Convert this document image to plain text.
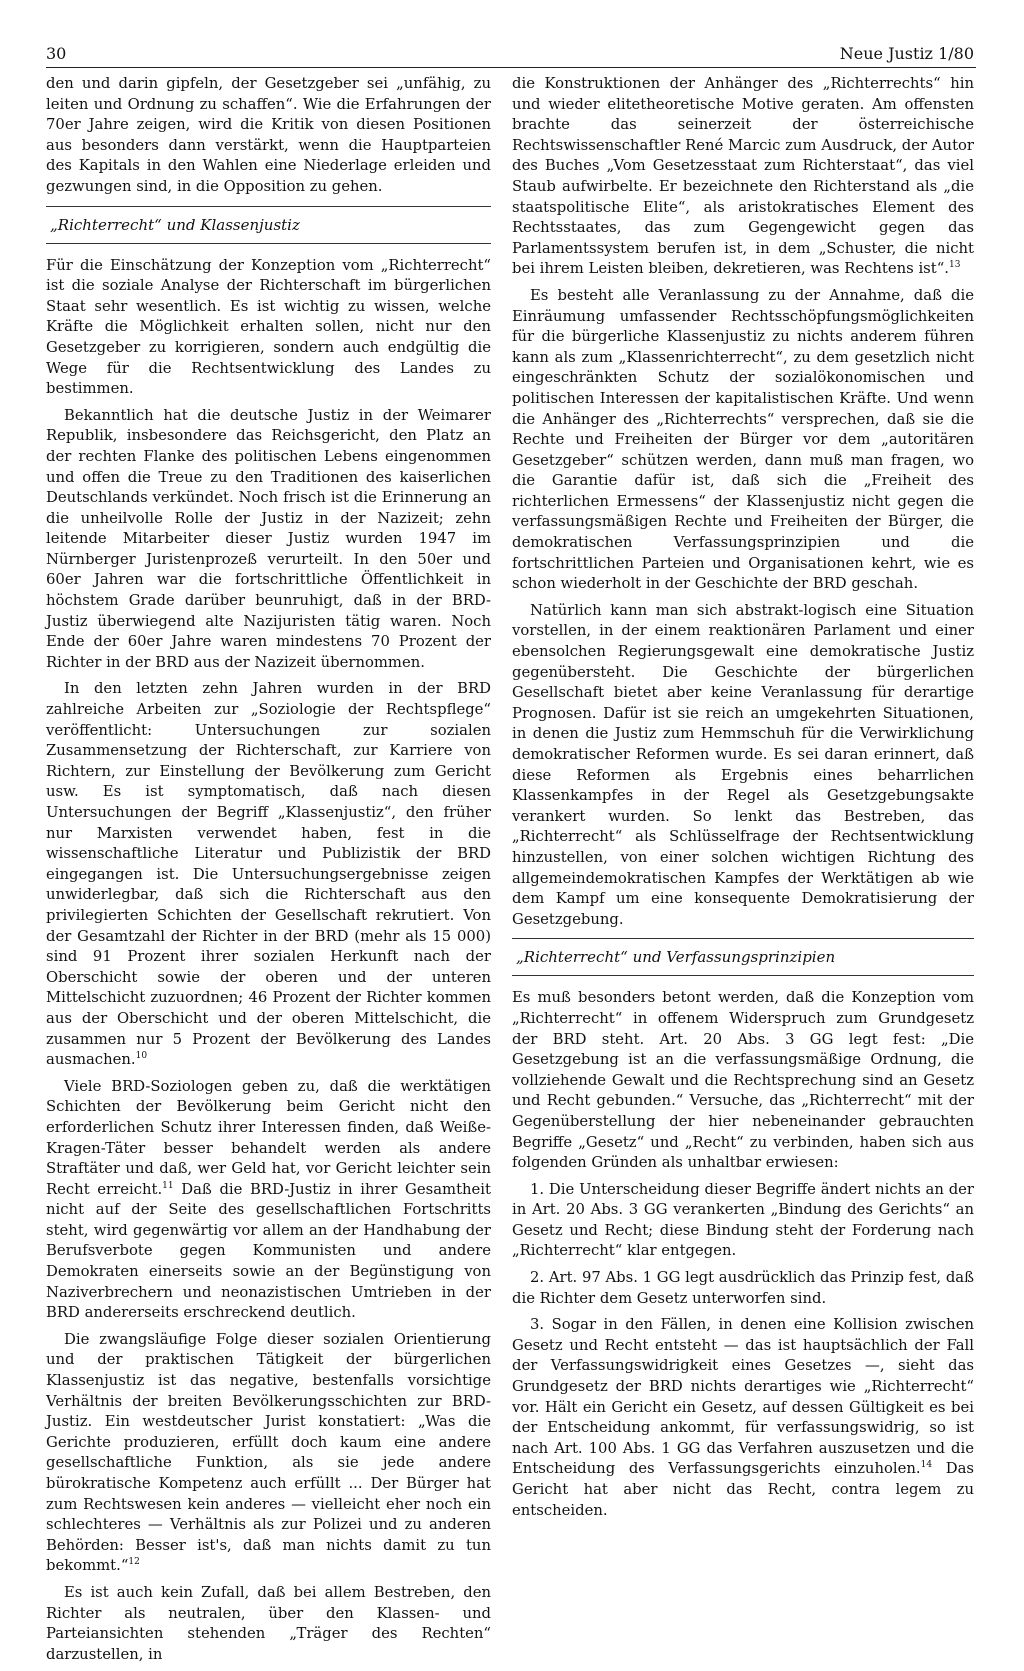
30	Neue Justiz 1/80

den und darin gipfeln, der Gesetzgeber sei „unfähig, zu leiten und Ordnung zu schaffen“. Wie die Erfahrungen der 70er Jahre zeigen, wird die Kritik von diesen Positionen aus besonders dann verstärkt, wenn die Hauptparteien des Kapitals in den Wahlen eine Niederlage erleiden und gezwungen sind, in die Opposition zu gehen.

„Richterrecht“ und Klassenjustiz

Für die Einschätzung der Konzeption vom „Richterrecht“ ist die soziale Analyse der Richterschaft im bürgerlichen Staat sehr wesentlich. Es ist wichtig zu wissen, welche Kräfte die Möglichkeit erhalten sollen, nicht nur den Gesetzgeber zu korrigieren, sondern auch endgültig die Wege für die Rechtsentwicklung des Landes zu bestimmen.

Bekanntlich hat die deutsche Justiz in der Weimarer Republik, insbesondere das Reichsgericht, den Platz an der rechten Flanke des politischen Lebens eingenommen und offen die Treue zu den Traditionen des kaiserlichen Deutschlands verkündet. Noch frisch ist die Erinnerung an die unheilvolle Rolle der Justiz in der Nazizeit; zehn leitende Mitarbeiter dieser Justiz wurden 1947 im Nürnberger Juristenprozeß verurteilt. In den 50er und 60er Jahren war die fortschrittliche Öffentlichkeit in höchstem Grade darüber beunruhigt, daß in der BRD-Justiz überwiegend alte Nazijuristen tätig waren. Noch Ende der 60er Jahre waren mindestens 70 Prozent der Richter in der BRD aus der Nazizeit übernommen.

In den letzten zehn Jahren wurden in der BRD zahlreiche Arbeiten zur „Soziologie der Rechtspflege“ veröffentlicht: Untersuchungen zur sozialen Zusammensetzung der Richterschaft, zur Karriere von Richtern, zur Einstellung der Bevölkerung zum Gericht usw. Es ist symptomatisch, daß nach diesen Untersuchungen der Begriff „Klassenjustiz“, den früher nur Marxisten verwendet haben, fest in die wissenschaftliche Literatur und Publizistik der BRD eingegangen ist. Die Untersuchungsergebnisse zeigen unwiderlegbar, daß sich die Richterschaft aus den privilegierten Schichten der Gesellschaft rekrutiert. Von der Gesamtzahl der Richter in der BRD (mehr als 15 000) sind 91 Prozent ihrer sozialen Herkunft nach der Oberschicht sowie der oberen und der unteren Mittelschicht zuzuordnen; 46 Prozent der Richter kommen aus der Oberschicht und der oberen Mittelschicht, die zusammen nur 5 Prozent der Bevölkerung des Landes ausmachen.$^{10}$

Viele BRD-Soziologen geben zu, daß die werktätigen Schichten der Bevölkerung beim Gericht nicht den erforderlichen Schutz ihrer Interessen finden, daß Weiße-Kragen-Täter besser behandelt werden als andere Straftäter und daß, wer Geld hat, vor Gericht leichter sein Recht erreicht.$^{11}$ Daß die BRD-Justiz in ihrer Gesamtheit nicht auf der Seite des gesellschaftlichen Fortschritts steht, wird gegenwärtig vor allem an der Handhabung der Berufsverbote gegen Kommunisten und andere Demokraten einerseits sowie an der Begünstigung von Naziverbrechern und neonazistischen Umtrieben in der BRD andererseits erschreckend deutlich.

Die zwangsläufige Folge dieser sozialen Orientierung und der praktischen Tätigkeit der bürgerlichen Klassenjustiz ist das negative, bestenfalls vorsichtige Verhältnis der breiten Bevölkerungsschichten zur BRD-Justiz. Ein westdeutscher Jurist konstatiert: „Was die Gerichte produzieren, erfüllt doch kaum eine andere gesellschaftliche Funktion, als sie jede andere bürokratische Kompetenz auch erfüllt ... Der Bürger hat zum Rechtswesen kein anderes — vielleicht eher noch ein schlechteres — Verhältnis als zur Polizei und zu anderen Behörden: Besser ist's, daß man nichts damit zu tun bekommt.“$^{12}$

Es ist auch kein Zufall, daß bei allem Bestreben, den Richter als neutralen, über den Klassen- und Parteiansichten stehenden „Träger des Rechten“ darzustellen, in

die Konstruktionen der Anhänger des „Richterrechts“ hin und wieder elitetheoretische Motive geraten. Am offensten brachte das seinerzeit der österreichische Rechtswissenschaftler René Marcic zum Ausdruck, der Autor des Buches „Vom Gesetzesstaat zum Richterstaat“, das viel Staub aufwirbelte. Er bezeichnete den Richterstand als „die staatspolitische Elite“, als aristokratisches Element des Rechtsstaates, das zum Gegengewicht gegen das Parlamentssystem berufen ist, in dem „Schuster, die nicht bei ihrem Leisten bleiben, dekretieren, was Rechtens ist“.$^{13}$

Es besteht alle Veranlassung zu der Annahme, daß die Einräumung umfassender Rechtsschöpfungsmöglichkeiten für die bürgerliche Klassenjustiz zu nichts anderem führen kann als zum „Klassenrichterrecht“, zu dem gesetzlich nicht eingeschränkten Schutz der sozialökonomischen und politischen Interessen der kapitalistischen Kräfte. Und wenn die Anhänger des „Richterrechts“ versprechen, daß sie die Rechte und Freiheiten der Bürger vor dem „autoritären Gesetzgeber“ schützen werden, dann muß man fragen, wo die Garantie dafür ist, daß sich die „Freiheit des richterlichen Ermessens“ der Klassenjustiz nicht gegen die verfassungsmäßigen Rechte und Freiheiten der Bürger, die demokratischen Verfassungsprinzipien und die fortschrittlichen Parteien und Organisationen kehrt, wie es schon wiederholt in der Geschichte der BRD geschah.

Natürlich kann man sich abstrakt-logisch eine Situation vorstellen, in der einem reaktionären Parlament und einer ebensolchen Regierungsgewalt eine demokratische Justiz gegenübersteht. Die Geschichte der bürgerlichen Gesellschaft bietet aber keine Veranlassung für derartige Prognosen. Dafür ist sie reich an umgekehrten Situationen, in denen die Justiz zum Hemmschuh für die Verwirklichung demokratischer Reformen wurde. Es sei daran erinnert, daß diese Reformen als Ergebnis eines beharrlichen Klassenkampfes in der Regel als Gesetzgebungsakte verankert wurden. So lenkt das Bestreben, das „Richterrecht“ als Schlüsselfrage der Rechtsentwicklung hinzustellen, von einer solchen wichtigen Richtung des allgemeindemokratischen Kampfes der Werktätigen ab wie dem Kampf um eine konsequente Demokratisierung der Gesetzgebung.

„Richterrecht“ und Verfassungsprinzipien

Es muß besonders betont werden, daß die Konzeption vom „Richterrecht“ in offenem Widerspruch zum Grundgesetz der BRD steht. Art. 20 Abs. 3 GG legt fest: „Die Gesetzgebung ist an die verfassungsmäßige Ordnung, die vollziehende Gewalt und die Rechtsprechung sind an Gesetz und Recht gebunden.“ Versuche, das „Richterrecht“ mit der Gegenüberstellung der hier nebeneinander gebrauchten Begriffe „Gesetz“ und „Recht“ zu verbinden, haben sich aus folgenden Gründen als unhaltbar erwiesen:

1. Die Unterscheidung dieser Begriffe ändert nichts an der in Art. 20 Abs. 3 GG verankerten „Bindung des Gerichts“ an Gesetz und Recht; diese Bindung steht der Forderung nach „Richterrecht“ klar entgegen.

2. Art. 97 Abs. 1 GG legt ausdrücklich das Prinzip fest, daß die Richter dem Gesetz unterworfen sind.

3. Sogar in den Fällen, in denen eine Kollision zwischen Gesetz und Recht entsteht — das ist hauptsächlich der Fall der Verfassungswidrigkeit eines Gesetzes —, sieht das Grundgesetz der BRD nichts derartiges wie „Richterrecht“ vor. Hält ein Gericht ein Gesetz, auf dessen Gültigkeit es bei der Entscheidung ankommt, für verfassungswidrig, so ist nach Art. 100 Abs. 1 GG das Verfahren auszusetzen und die Entscheidung des Verfassungsgerichts einzuholen.$^{14}$ Das Gericht hat aber nicht das Recht, contra legem zu entscheiden.
